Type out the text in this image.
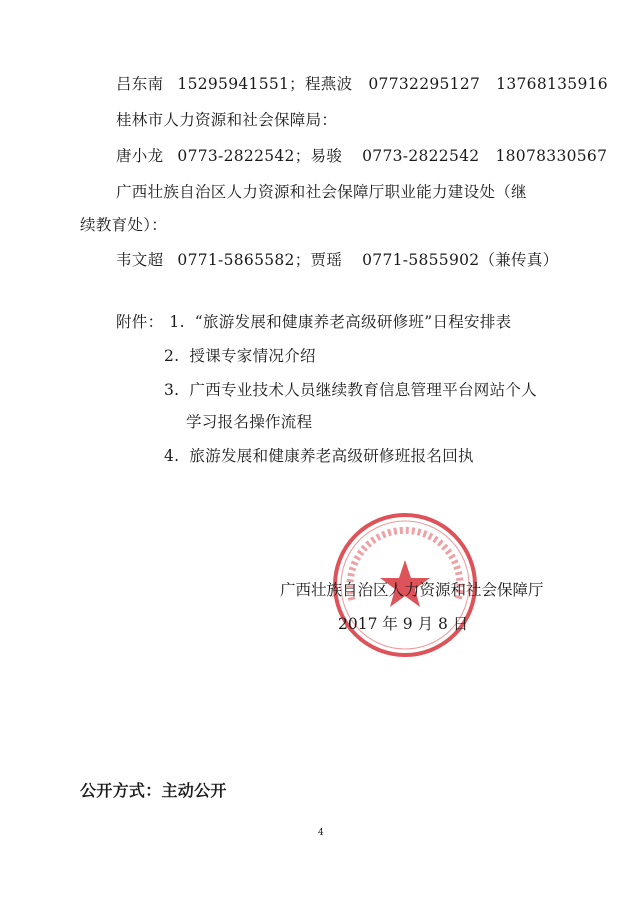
吕东南 15295941551；程燕波 07732295127 13768135916
桂林市人力资源和社会保障局：
唐小龙 0773-2822542；易骏 0773-2822542 18078330567
广西壮族自治区人力资源和社会保障厅职业能力建设处（继
续教育处）：
韦文超 0771-5865582；贾瑶 0771-5855902（兼传真）
附件： 1. “旅游发展和健康养老高级研修班”日程安排表
2. 授课专家情况介绍
3. 广西专业技术人员继续教育信息管理平台网站个人
学习报名操作流程
4. 旅游发展和健康养老高级研修班报名回执
广西壮族自治区人力资源和社会保障厅
2017 年 9 月 8 日
公开方式：主动公开
4
